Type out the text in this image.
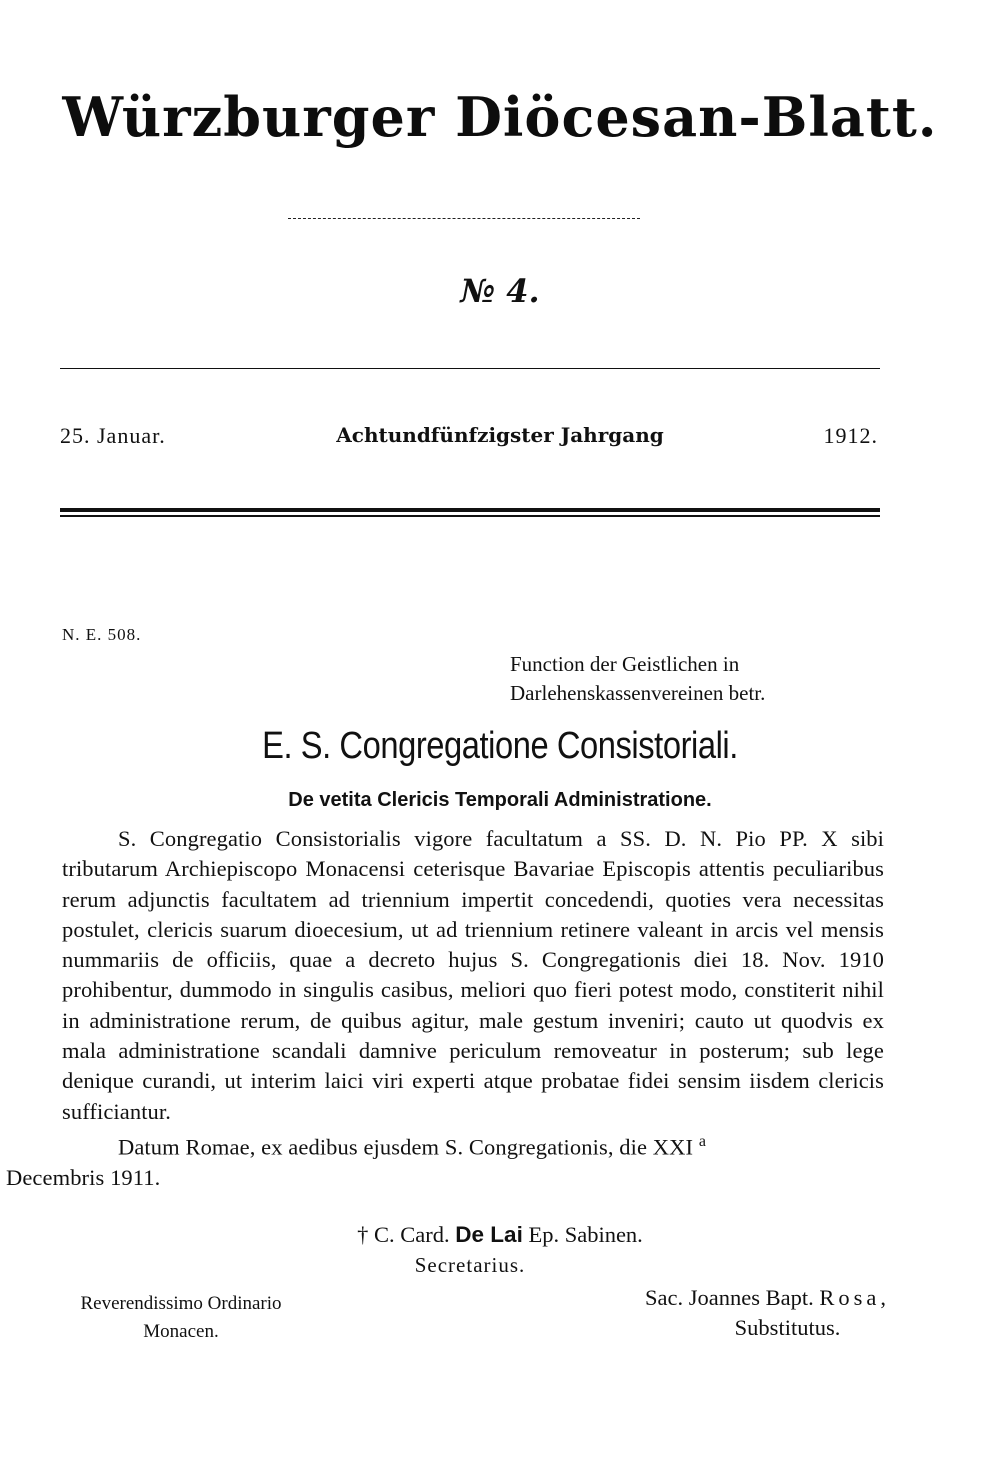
Würzburger Diöcesan-Blatt.
№ 4.
25. Januar.	Achtundfünfzigster Jahrgang	1912.
N. E. 508.
Function der Geistlichen in Darlehenskassenvereinen betr.
E. S. Congregatione Consistoriali.
De vetita Clericis Temporali Administratione.

S. Congregatio Consistorialis vigore facultatum a SS. D. N. Pio PP. X sibi tributarum Archiepiscopo Monacensi ceterisque Bavariae Episcopis attentis peculiaribus rerum adjunctis facultatem ad triennium impertit concedendi, quoties vera necessitas postulet, clericis suarum dioecesium, ut ad triennium retinere valeant in arcis vel mensis nummariis de officiis, quae a decreto hujus S. Congregationis diei 18. Nov. 1910 prohibentur, dummodo in singulis casibus, meliori quo fieri potest modo, constiterit nihil in administratione rerum, de quibus agitur, male gestum inveniri; cauto ut quodvis ex mala administratione scandali damnive periculum removeatur in posterum; sub lege denique curandi, ut interim laici viri experti atque probatae fidei sensim iisdem clericis sufficiantur.

Datum Romae, ex aedibus ejusdem S. Congregationis, die XXI $^a$
Decembris 1911.

† C. Card. De Lai Ep. Sabinen.
Secretarius.
Reverendissimo Ordinario
Monacen.
Sac. Joannes Bapt. Rosa,
Substitutus.
